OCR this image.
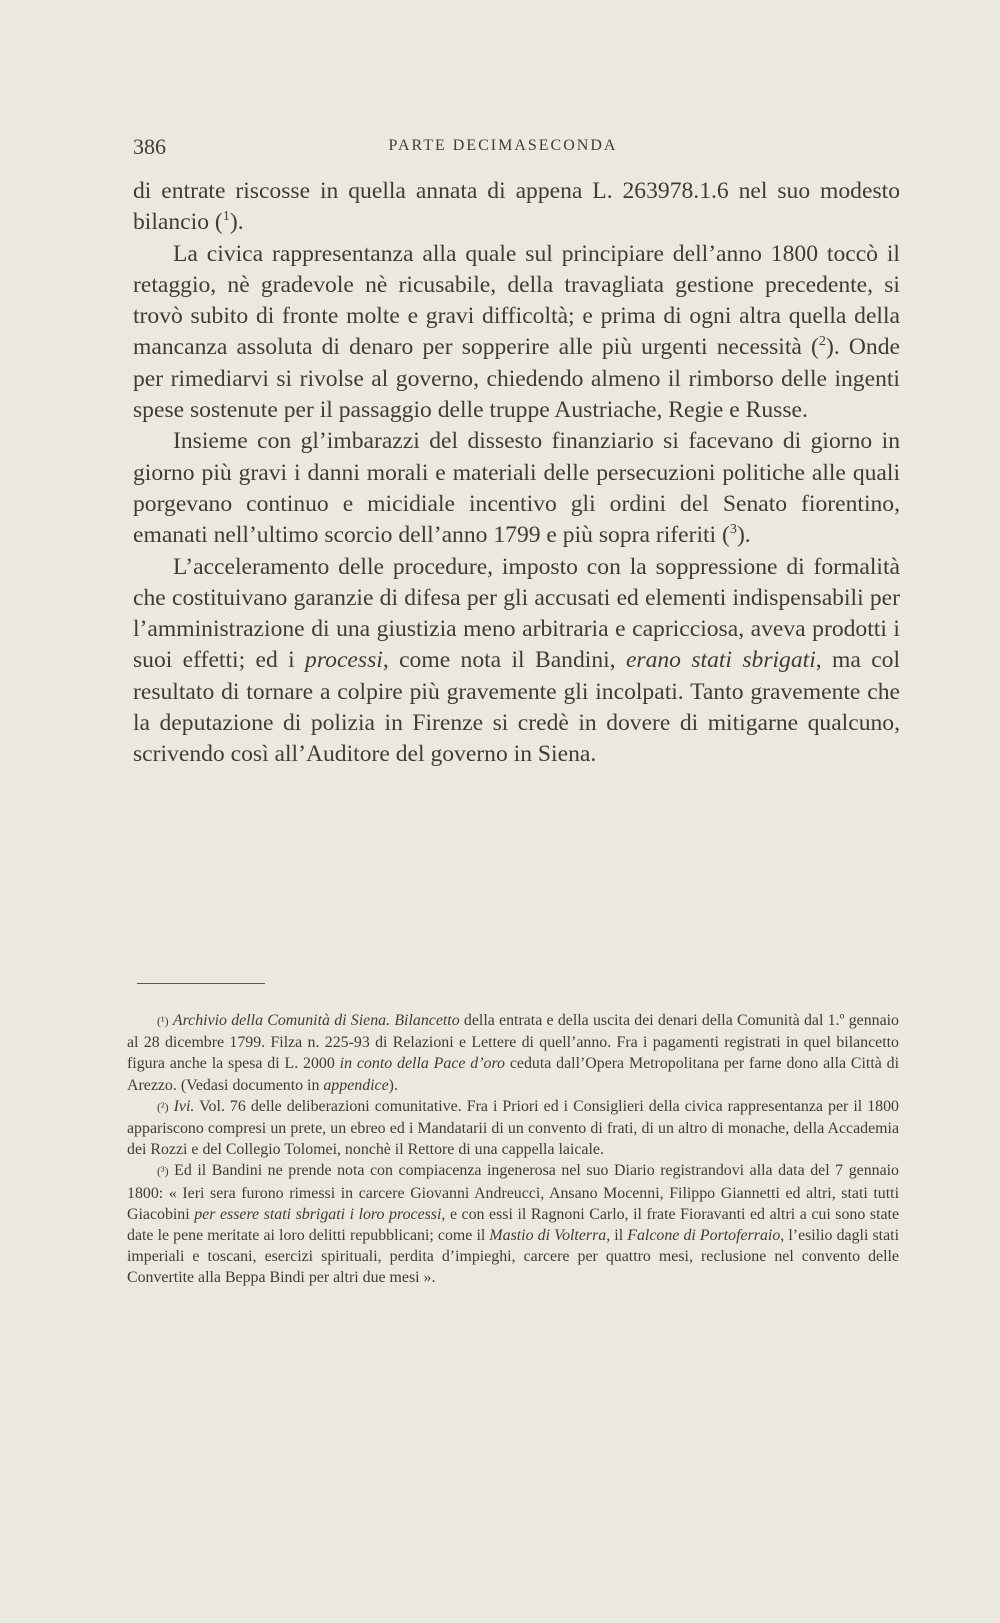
386	PARTE DECIMASECONDA

di entrate riscosse in quella annata di appena L. 263978.1.6 nel suo modesto bilancio ($^1$).

La civica rappresentanza alla quale sul principiare dell’anno 1800 toccò il retaggio, nè gradevole nè ricusabile, della travagliata gestione precedente, si trovò subito di fronte molte e gravi difficoltà; e prima di ogni altra quella della mancanza assoluta di denaro per sopperire alle più urgenti necessità ($^2$). Onde per rimediarvi si rivolse al governo, chiedendo almeno il rimborso delle ingenti spese sostenute per il passaggio delle truppe Austriache, Regie e Russe.

Insieme con gl’imbarazzi del dissesto finanziario si facevano di giorno in giorno più gravi i danni morali e materiali delle persecuzioni politiche alle quali porgevano continuo e micidiale incentivo gli ordini del Senato fiorentino, emanati nell’ultimo scorcio dell’anno 1799 e più sopra riferiti ($^3$).

L’acceleramento delle procedure, imposto con la soppressione di formalità che costituivano garanzie di difesa per gli accusati ed elementi indispensabili per l’amministrazione di una giustizia meno arbitraria e capricciosa, aveva prodotti i suoi effetti; ed i processi, come nota il Bandini, erano stati sbrigati, ma col resultato di tornare a colpire più gravemente gli incolpati. Tanto gravemente che la deputazione di polizia in Firenze si credè in dovere di mitigarne qualcuno, scrivendo così all’Auditore del governo in Siena.

(¹) Archivio della Comunità di Siena. Bilancetto della entrata e della uscita dei denari della Comunità dal 1.º gennaio al 28 dicembre 1799. Filza n. 225-93 di Relazioni e Lettere di quell’anno. Fra i pagamenti registrati in quel bilancetto figura anche la spesa di L. 2000 in conto della Pace d’oro ceduta dall’Opera Metropolitana per farne dono alla Città di Arezzo. (Vedasi documento in appendice).

(²) Ivi. Vol. 76 delle deliberazioni comunitative. Fra i Priori ed i Consiglieri della civica rappresentanza per il 1800 appariscono compresi un prete, un ebreo ed i Mandatarii di un convento di frati, di un altro di monache, della Accademia dei Rozzi e del Collegio Tolomei, nonchè il Rettore di una cappella laicale.

(³) Ed il Bandini ne prende nota con compiacenza ingenerosa nel suo Diario registrandovi alla data del 7 gennaio 1800: « Ieri sera furono rimessi in carcere Giovanni Andreucci, Ansano Mocenni, Filippo Giannetti ed altri, stati tutti Giacobini per essere stati sbrigati i loro processi, e con essi il Ragnoni Carlo, il frate Fioravanti ed altri a cui sono state date le pene meritate ai loro delitti repubblicani; come il Mastio di Volterra, il Falcone di Portoferraio, l’esilio dagli stati imperiali e toscani, esercizi spirituali, perdita d’impieghi, carcere per quattro mesi, reclusione nel convento delle Convertite alla Beppa Bindi per altri due mesi ».
